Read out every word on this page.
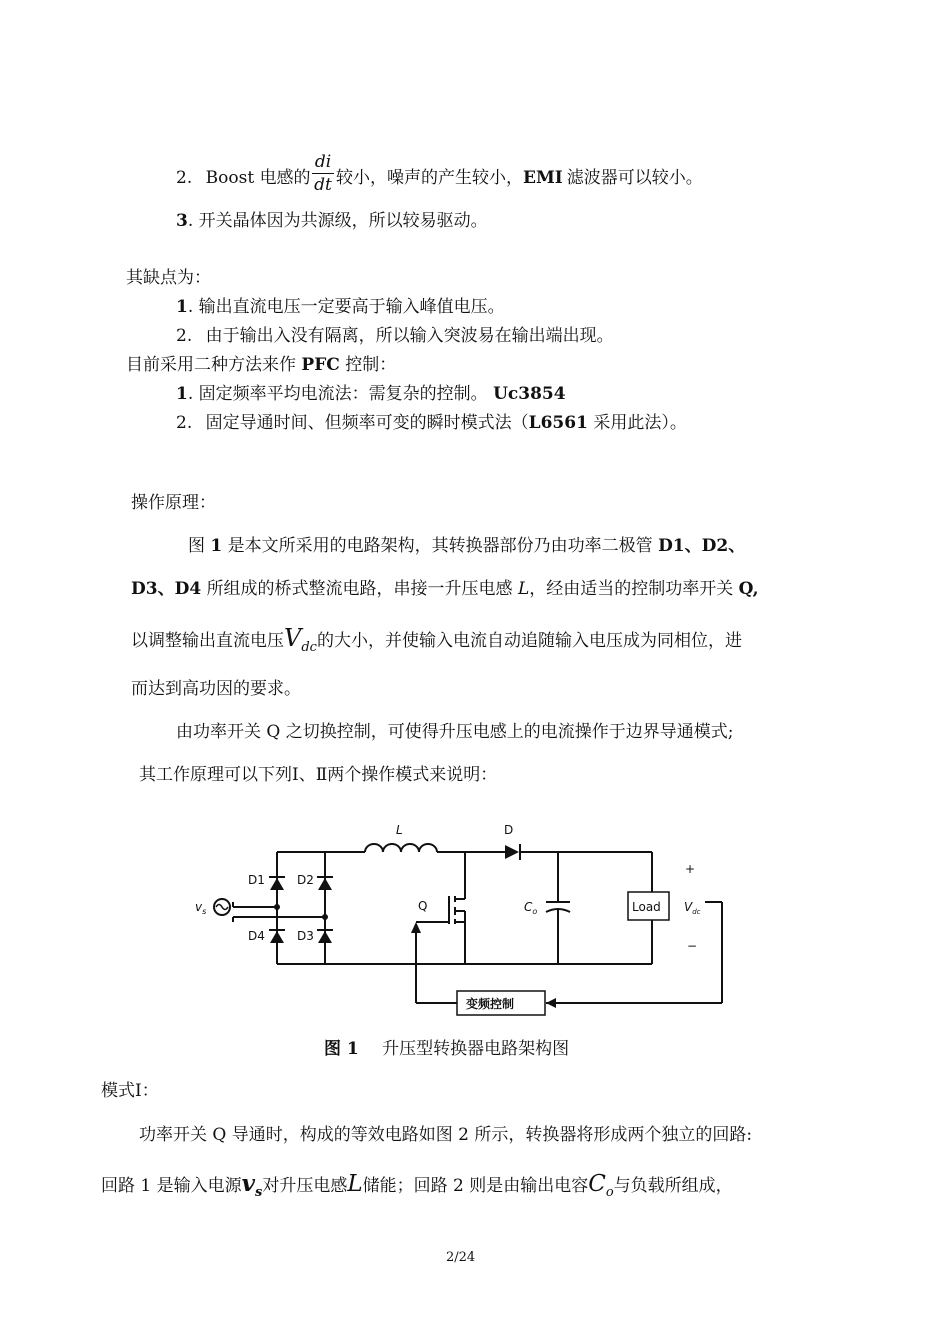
2. Boost 电感的
di
dt 较小，噪声的产生较小，EMI 滤波器可以较小。
3. 开关晶体因为共源级，所以较易驱动。
其缺点为：
1. 输出直流电压一定要高于输入峰值电压。
2. 由于输出入没有隔离，所以输入突波易在输出端出现。
目前采用二种方法来作 PFC 控制：
1. 固定频率平均电流法：需复杂的控制。 Uc3854
2. 固定导通时间、但频率可变的瞬时模式法（L6561 采用此法）。
操作原理：
图 1 是本文所采用的电路架构，其转换器部份乃由功率二极管 D1、D2、
D3、D4 所组成的桥式整流电路，串接一升压电感 L，经由适当的控制功率开关 Q,
以调整输出直流电压$V_{dc}$的大小，并使输入电流自动追随输入电压成为同相位，进
而达到高功因的要求。
由功率开关 Q 之切换控制，可使得升压电感上的电流操作于边界导通模式;
其工作原理可以下列Ⅰ、Ⅱ两个操作模式来说明：
L	D
D1	D2
D4	D3
$v_s$	Q	$C_o$	Load $V_{dc}$
+
−
变频控制
图 1 升压型转换器电路架构图
模式Ⅰ：
功率开关 Q 导通时，构成的等效电路如图 2 所示，转换器将形成两个独立的回路:
回路 1 是输入电源$v_s$对升压电感L储能；回路 2 则是由输出电容$C_o$与负载所组成，
2/24
